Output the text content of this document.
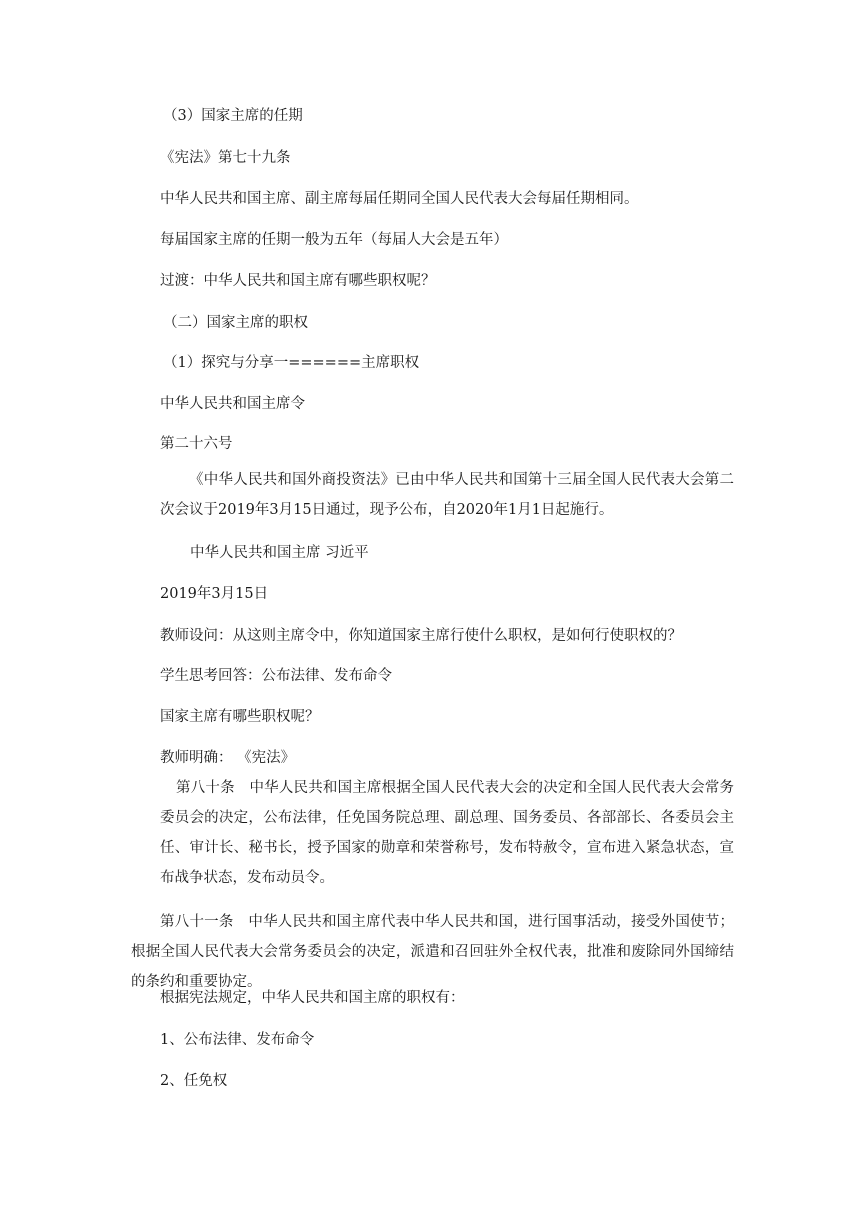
（3）国家主席的任期
《宪法》第七十九条
中华人民共和国主席、副主席每届任期同全国人民代表大会每届任期相同。
每届国家主席的任期一般为五年（每届人大会是五年）
过渡：中华人民共和国主席有哪些职权呢？
（二）国家主席的职权
（1）探究与分享一======主席职权
中华人民共和国主席令
第二十六号
《中华人民共和国外商投资法》已由中华人民共和国第十三届全国人民代表大会第二次会议于2019年3月15日通过，现予公布，自2020年1月1日起施行。
中华人民共和国主席 习近平
2019年3月15日
教师设问：从这则主席令中，你知道国家主席行使什么职权，是如何行使职权的？
学生思考回答：公布法律、发布命令
国家主席有哪些职权呢？
教师明确： 《宪法》
第八十条　中华人民共和国主席根据全国人民代表大会的决定和全国人民代表大会常务委员会的决定，公布法律，任免国务院总理、副总理、国务委员、各部部长、各委员会主任、审计长、秘书长，授予国家的勋章和荣誉称号，发布特赦令，宣布进入紧急状态，宣布战争状态，发布动员令。
第八十一条　中华人民共和国主席代表中华人民共和国，进行国事活动，接受外国使节；根据全国人民代表大会常务委员会的决定，派遣和召回驻外全权代表，批准和废除同外国缔结的条约和重要协定。
根据宪法规定，中华人民共和国主席的职权有：
1、公布法律、发布命令
2、任免权
